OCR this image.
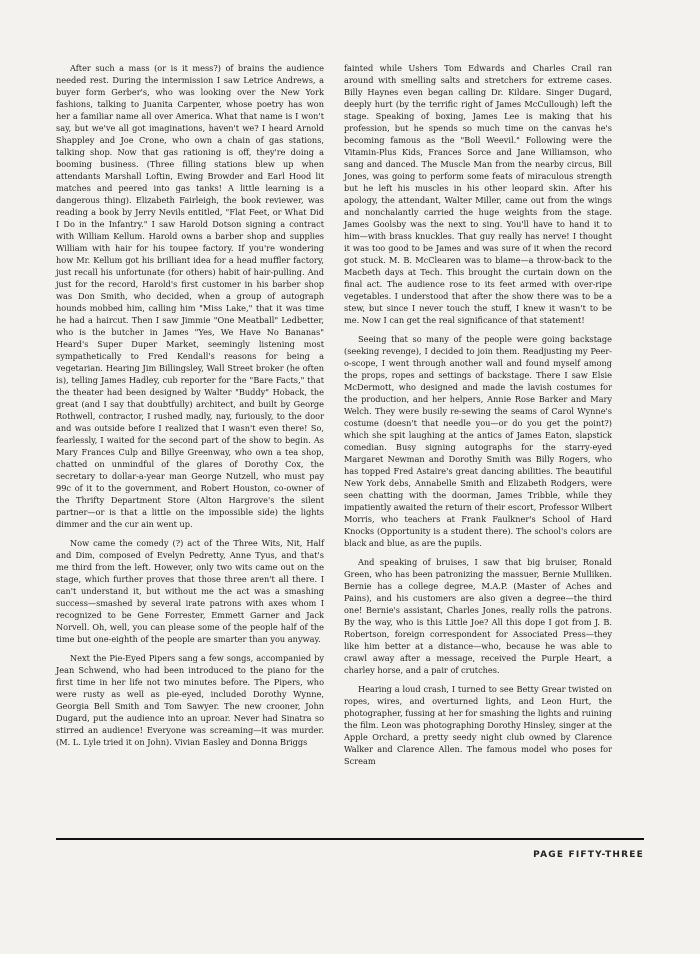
After such a mass (or is it mess?) of brains the audience needed rest. During the intermission I saw Letrice Andrews, a buyer form Gerber's, who was looking over the New York fashions, talking to Juanita Carpenter, whose poetry has won her a familiar name all over America. What that name is I won't say, but we've all got imaginations, haven't we? I heard Arnold Shappley and Joe Crone, who own a chain of gas stations, talking shop. Now that gas rationing is off, they're doing a booming business. (Three filling stations blew up when attendants Marshall Loftin, Ewing Browder and Earl Hood lit matches and peered into gas tanks! A little learning is a dangerous thing). Elizabeth Fairleigh, the book reviewer, was reading a book by Jerry Nevils entitled, "Flat Feet, or What Did I Do in the Infantry." I saw Harold Dotson signing a contract with William Kellum. Harold owns a barber shop and supplies William with hair for his toupee factory. If you're wondering how Mr. Kellum got his brilliant idea for a head muffler factory, just recall his unfortunate (for others) habit of hair-pulling. And just for the record, Harold's first customer in his barber shop was Don Smith, who decided, when a group of autograph hounds mobbed him, calling him "Miss Lake," that it was time he had a haircut. Then I saw Jimmie "One Meatball" Ledbetter, who is the butcher in James "Yes, We Have No Bananas" Heard's Super Duper Market, seemingly listening most sympathetically to Fred Kendall's reasons for being a vegetarian. Hearing Jim Billingsley, Wall Street broker (he often is), telling James Hadley, cub reporter for the "Bare Facts," that the theater had been designed by Walter "Buddy" Hoback, the great (and I say that doubtfully) architect, and built by George Rothwell, contractor, I rushed madly, nay, furiously, to the door and was outside before I realized that I wasn't even there! So, fearlessly, I waited for the second part of the show to begin. As Mary Frances Culp and Billye Greenway, who own a tea shop, chatted on unmindful of the glares of Dorothy Cox, the secretary to dollar-a-year man George Nutzell, who must pay 99c of it to the government, and Robert Houston, co-owner of the Thrifty Department Store (Alton Hargrove's the silent partner—or is that a little on the impossible side) the lights dimmer and the cur ain went up.

Now came the comedy (?) act of the Three Wits, Nit, Half and Dim, composed of Evelyn Pedretty, Anne Tyus, and that's me third from the left. However, only two wits came out on the stage, which further proves that those three aren't all there. I can't understand it, but without me the act was a smashing success—smashed by several irate patrons with axes whom I recognized to be Gene Forrester, Emmett Garner and Jack Norvell. Oh, well, you can please some of the people half of the time but one-eighth of the people are smarter than you anyway.

Next the Pie-Eyed Pipers sang a few songs, accompanied by Jean Schwend, who had been introduced to the piano for the first time in her life not two minutes before. The Pipers, who were rusty as well as pie-eyed, included Dorothy Wynne, Georgia Bell Smith and Tom Sawyer. The new crooner, John Dugard, put the audience into an uproar. Never had Sinatra so stirred an audience! Everyone was screaming—it was murder. (M. L. Lyle tried it on John). Vivian Easley and Donna Briggs

fainted while Ushers Tom Edwards and Charles Crail ran around with smelling salts and stretchers for extreme cases. Billy Haynes even began calling Dr. Kildare. Singer Dugard, deeply hurt (by the terrific right of James McCullough) left the stage. Speaking of boxing, James Lee is making that his profession, but he spends so much time on the canvas he's becoming famous as the "Boll Weevil." Following were the Vitamin-Plus Kids, Frances Sorce and Jane Williamson, who sang and danced. The Muscle Man from the nearby circus, Bill Jones, was going to perform some feats of miraculous strength but he left his muscles in his other leopard skin. After his apology, the attendant, Walter Miller, came out from the wings and nonchalantly carried the huge weights from the stage. James Goolsby was the next to sing. You'll have to hand it to him—with brass knuckles. That guy really has nerve! I thought it was too good to be James and was sure of it when the record got stuck. M. B. McClearen was to blame—a throw-back to the Macbeth days at Tech. This brought the curtain down on the final act. The audience rose to its feet armed with over-ripe vegetables. I understood that after the show there was to be a stew, but since I never touch the stuff, I knew it wasn't to be me. Now I can get the real significance of that statement!

Seeing that so many of the people were going backstage (seeking revenge), I decided to join them. Readjusting my Peer-o-scope, I went through another wall and found myself among the props, ropes and settings of backstage. There I saw Elsie McDermott, who designed and made the lavish costumes for the production, and her helpers, Annie Rose Barker and Mary Welch. They were busily re-sewing the seams of Carol Wynne's costume (doesn't that needle you—or do you get the point?) which she spit laughing at the antics of James Eaton, slapstick comedian. Busy signing autographs for the starry-eyed Margaret Newman and Dorothy Smith was Billy Rogers, who has topped Fred Astaire's great dancing abilities. The beautiful New York debs, Annabelle Smith and Elizabeth Rodgers, were seen chatting with the doorman, James Tribble, while they impatiently awaited the return of their escort, Professor Wilbert Morris, who teachers at Frank Faulkner's School of Hard Knocks (Opportunity is a student there). The school's colors are black and blue, as are the pupils.

And speaking of bruises, I saw that big bruiser, Ronald Green, who has been patronizing the massuer, Bernie Mulliken. Bernie has a college degree, M.A.P. (Master of Aches and Pains), and his customers are also given a degree—the third one! Bernie's assistant, Charles Jones, really rolls the patrons. By the way, who is this Little Joe? All this dope I got from J. B. Robertson, foreign correspondent for Associated Press—they like him better at a distance—who, because he was able to crawl away after a message, received the Purple Heart, a charley horse, and a pair of crutches.

Hearing a loud crash, I turned to see Betty Grear twisted on ropes, wires, and overturned lights, and Leon Hurt, the photographer, fussing at her for smashing the lights and ruining the film. Leon was photographing Dorothy Hinsley, singer at the Apple Orchard, a pretty seedy night club owned by Clarence Walker and Clarence Allen. The famous model who poses for Scream

PAGE FIFTY-THREE
